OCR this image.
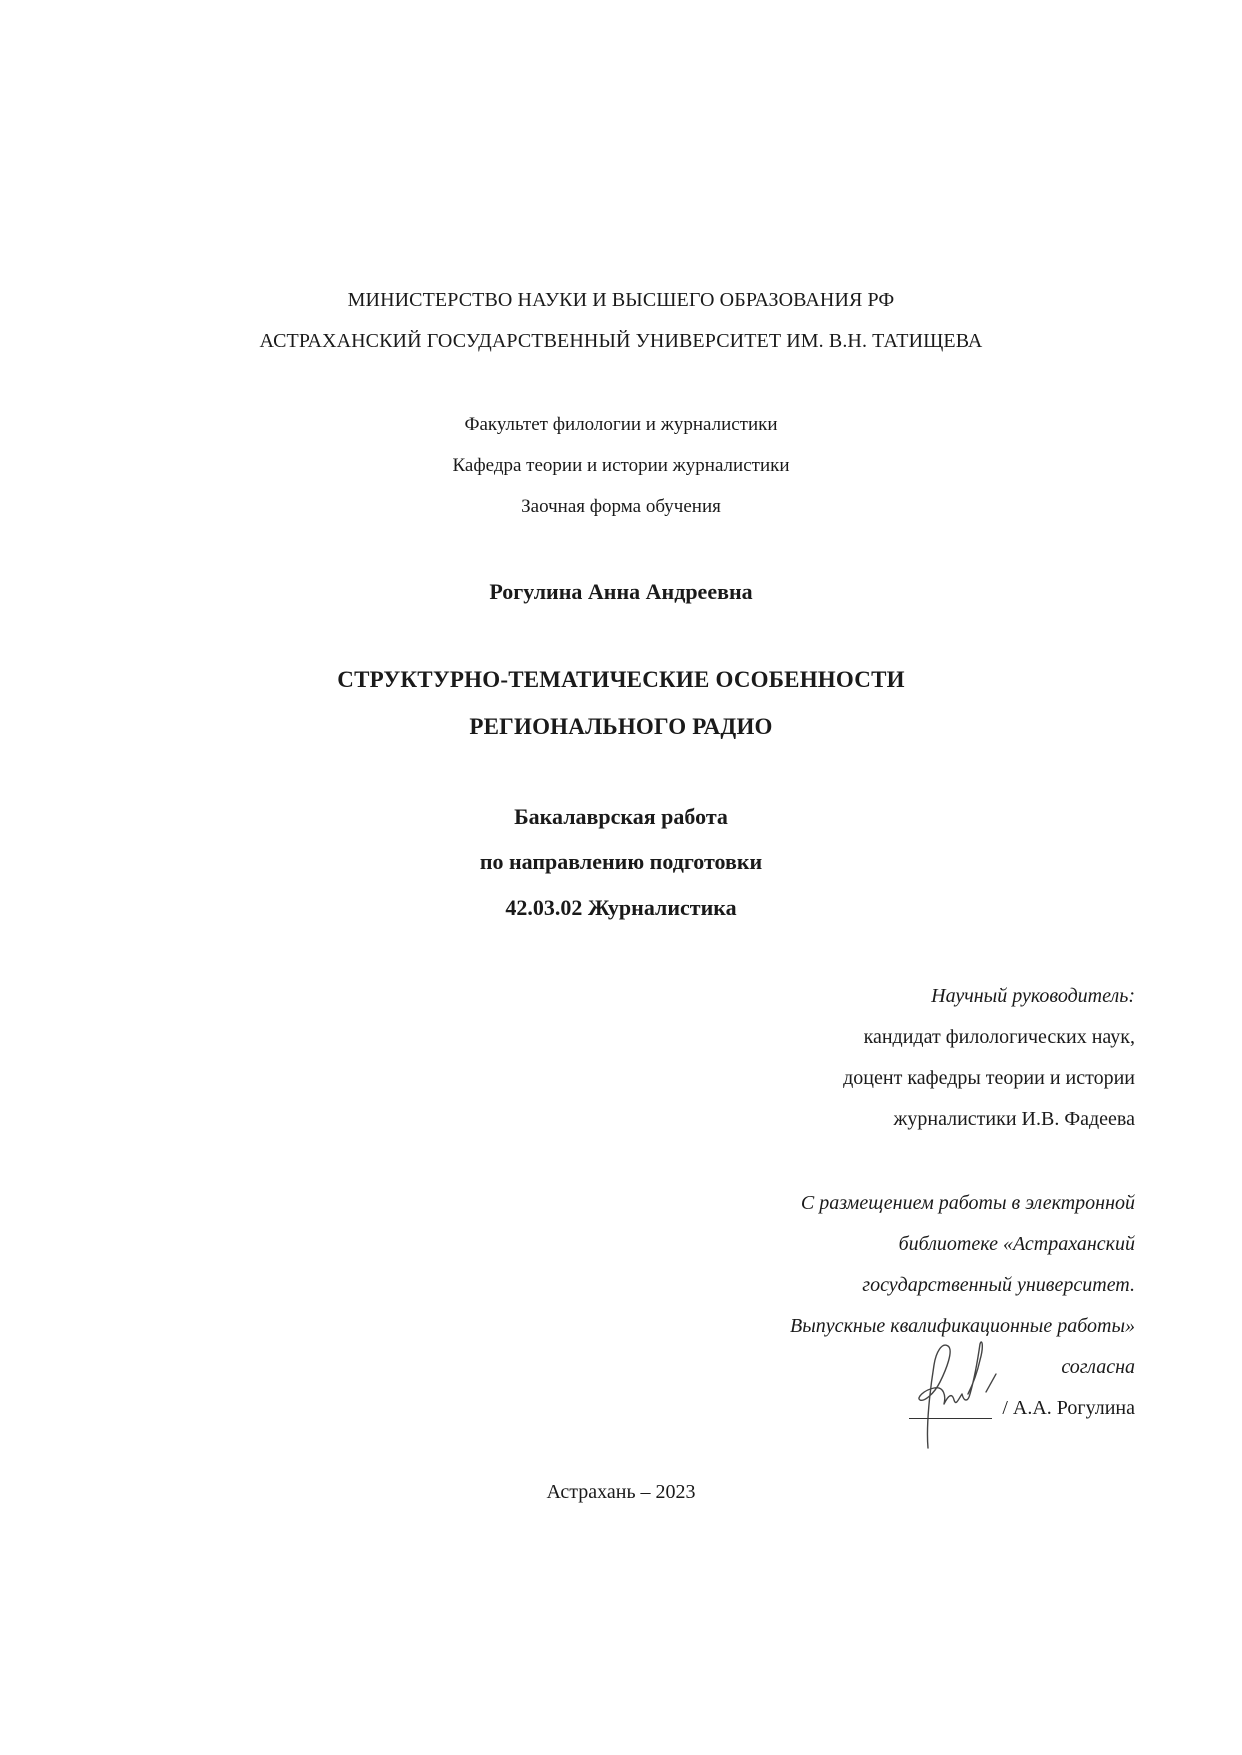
МИНИСТЕРСТВО НАУКИ И ВЫСШЕГО ОБРАЗОВАНИЯ РФ
АСТРАХАНСКИЙ ГОСУДАРСТВЕННЫЙ УНИВЕРСИТЕТ ИМ. В.Н. ТАТИЩЕВА
Факультет филологии и журналистики
Кафедра теории и истории журналистики
Заочная форма обучения
Рогулина Анна Андреевна
СТРУКТУРНО-ТЕМАТИЧЕСКИЕ ОСОБЕННОСТИ
РЕГИОНАЛЬНОГО РАДИО
Бакалаврская работа
по направлению подготовки
42.03.02 Журналистика
Научный руководитель:
кандидат филологических наук,
доцент кафедры теории и истории
журналистики И.В. Фадеева
С размещением работы в электронной
библиотеке «Астраханский
государственный университет.
Выпускные квалификационные работы»
согласна
/ А.А. Рогулина
Астрахань – 2023
